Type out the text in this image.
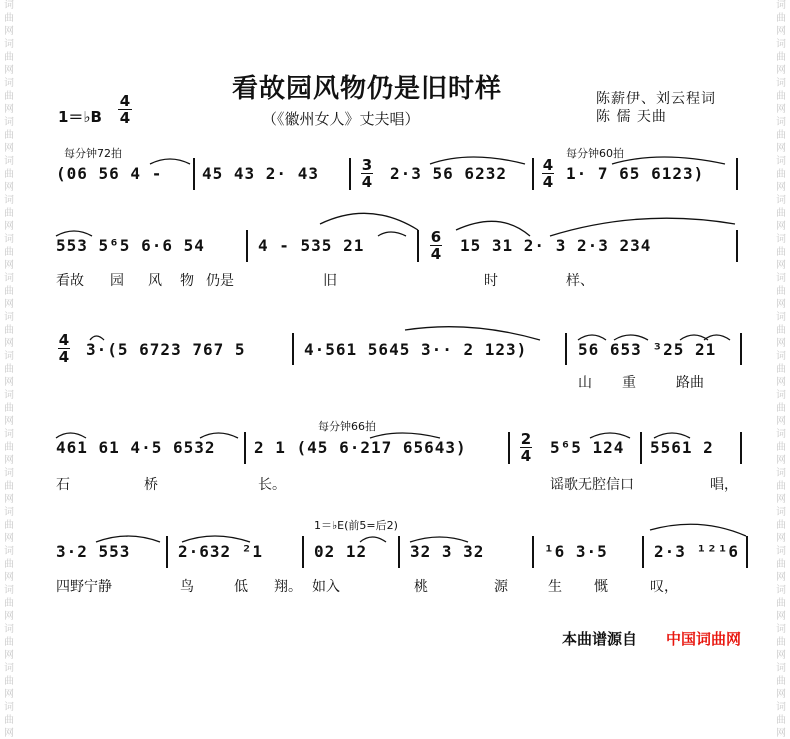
词
曲
网
词
曲
网
词
曲
网
词
曲
网
词
曲
网
词
曲
网
词
曲
网
词
曲
网
词
曲
网
词
曲
网
词
曲
网
词
曲
网
词
曲
网
词
曲
网
词
曲
网
词
曲
网
词
曲
网
词
曲
网
词
曲
网
词
曲
网
词
曲
网
词
曲
网
词
曲
网
词
曲
网
词
曲
网
词
曲
网
词
曲
网
词
曲
网
词
曲
网
词
曲
网
词
曲
网
词
曲
网
词
曲
网
词
曲
网
词
曲
网
词
曲
网
词
曲
网
词
曲
网
看故园风物仍是旧时样
（《徽州女人》丈夫唱）
陈薪伊、刘云程词
陈 儒 天曲
1＝♭B
4
4
每分钟72拍	每分钟60拍
(06 56 4 - 45 43 2· 43	3
4 2·3 56 6232 4
4 1· 7 65 6123)
553 5⁶5 6·6 54	4 - 535 21	6
4 15 31 2· 3 2·3 234
看故 园 风 物 仍是	旧	时	样、
4
4 3·(5 6723 767 5	4·561 5645 3·· 2 123)	56 653 ³25 21
山 重	路曲
每分钟66拍
461 61 4·5 6532 2 1 (45 6·217 65643)	2
4 5⁶5 124 5561 2
石	桥	长。	谣歌无腔信口	唱，
1＝♭E(前5=后2)
3·2 553	2·632 ²1	02 12	32 3 32	¹6 3·5	2·3 ¹²¹6
四野宁静	鸟	低 翔。 如入	桃	源	生 慨	叹，
本曲谱源自 中国词曲网
